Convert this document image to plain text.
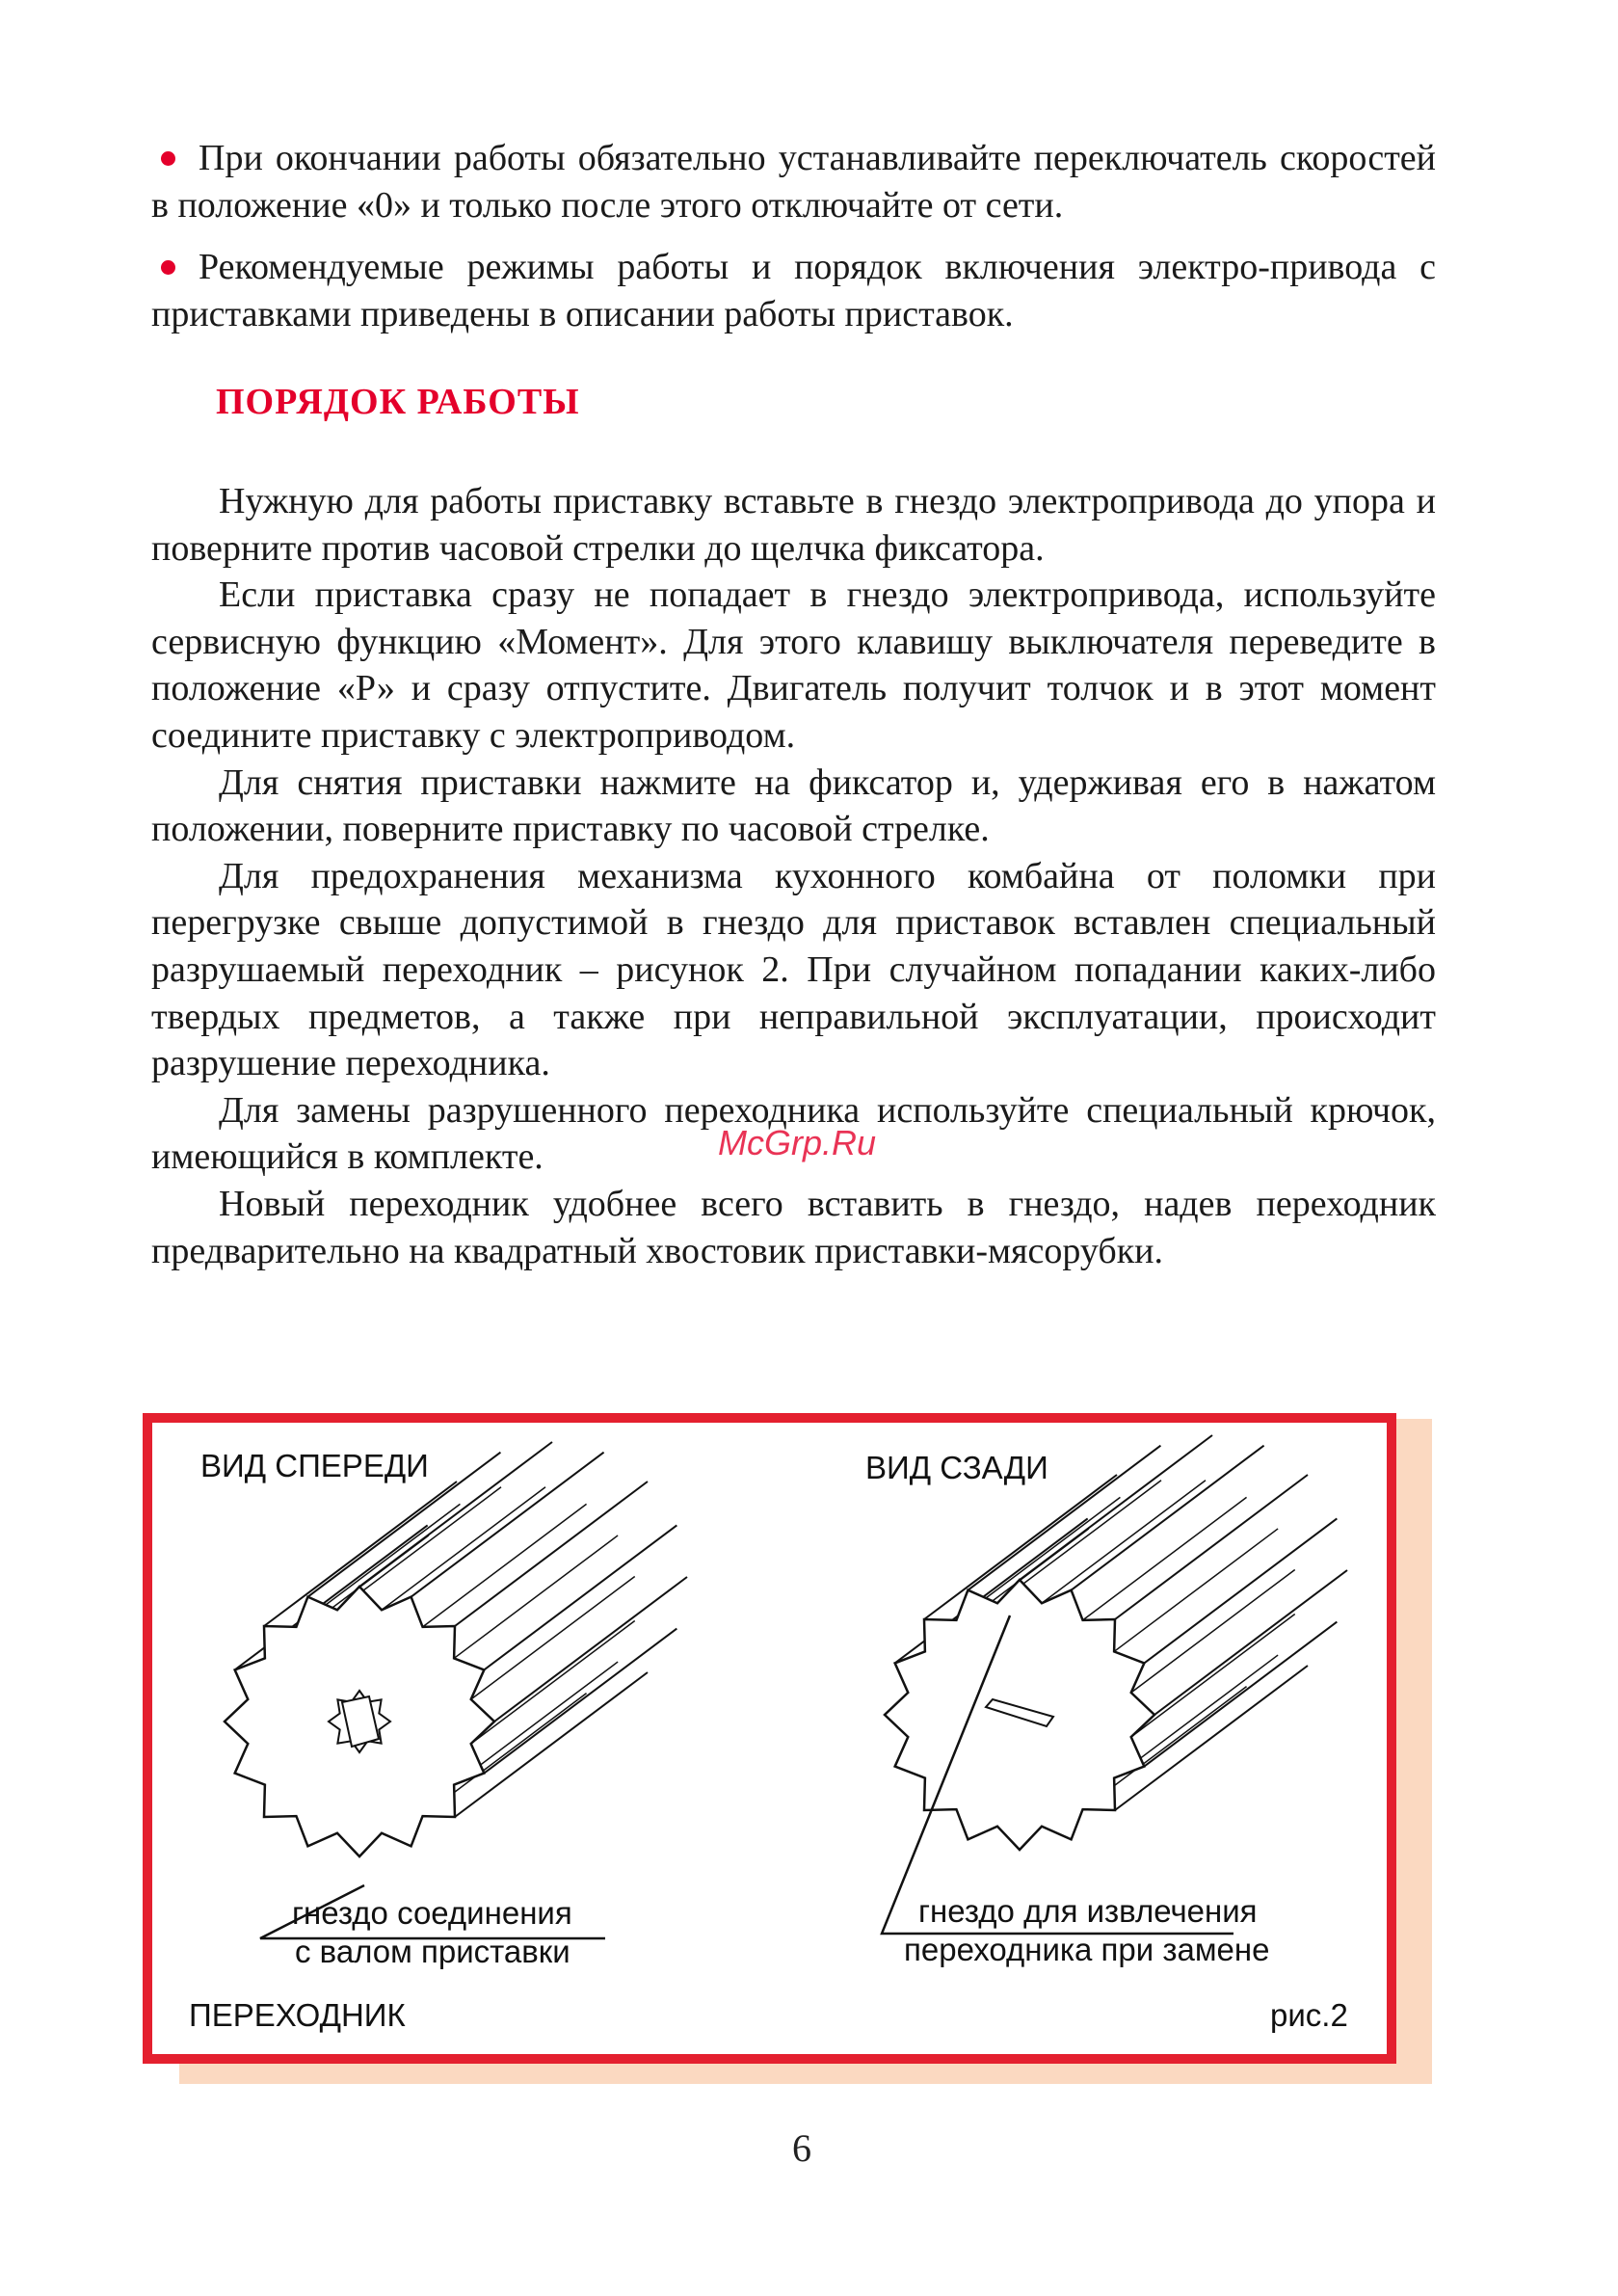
При окончании работы обязательно устанавливайте переключатель скоростей в положение «0» и только после этого отключайте от сети.
Рекомендуемые режимы работы и порядок включения электро-привода с приставками приведены в описании работы приставок.
ПОРЯДОК РАБОТЫ

Нужную для работы приставку вставьте в гнездо электропривода до упора и поверните против часовой стрелки до щелчка фиксатора.

Если приставка сразу не попадает в гнездо электропривода, используйте сервисную функцию «Момент». Для этого клавишу выключателя переведите в положение «Р» и сразу отпустите. Двигатель получит толчок и в этот момент соедините приставку с электроприводом.

Для снятия приставки нажмите на фиксатор и, удерживая его в нажатом положении, поверните приставку по часовой стрелке.

Для предохранения механизма кухонного комбайна от поломки при перегрузке свыше допустимой в гнездо для приставок вставлен специальный разрушаемый переходник – рисунок 2. При случайном попадании каких-либо твердых предметов, а также при неправильной эксплуатации, происходит разрушение переходника.

Для замены разрушенного переходника используйте специальный крючок, имеющийся в комплекте.

Новый переходник удобнее всего вставить в гнездо, надев переходник предварительно на квадратный хвостовик приставки-мясорубки.

McGrp.Ru
ВИД СПЕРЕДИ	ВИД СЗАДИ
гнездо соединения
с валом приставки
гнездо для извлечения
переходника при замене
ПЕРЕХОДНИК	рис.2
6
